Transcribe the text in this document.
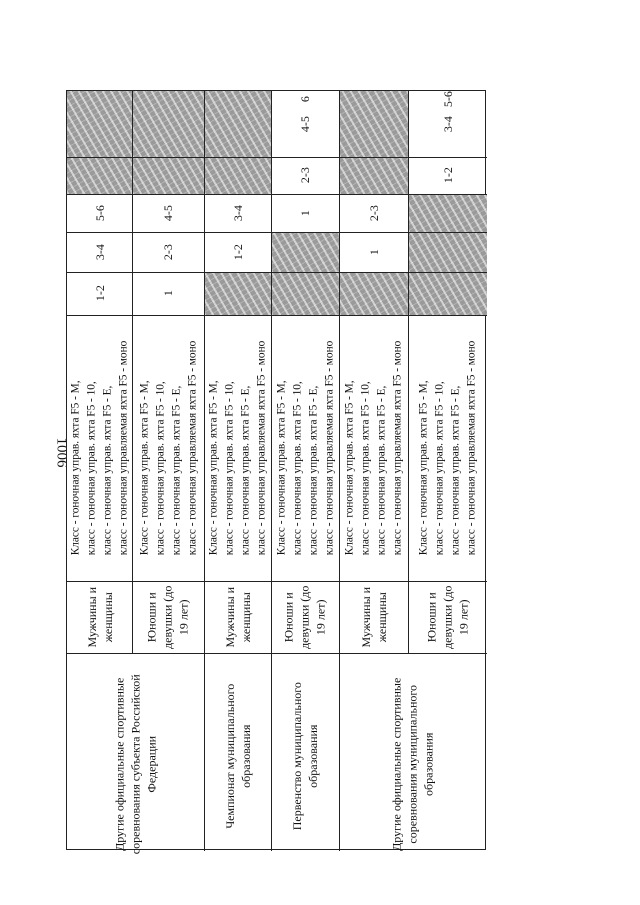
1006
Другие официальные спортивные соревнования субъекта Российской Федерации
Мужчины и женщины
Класс - гоночная управ. яхта F5 - M, класс - гоночная управ. яхта F5 - 10, класс - гоночная управ. яхта F5 - E, класс - гоночная управляемая яхта F5 - моно
1-2
3-4
5-6
Юноши и девушки (до 19 лет)
Класс - гоночная управ. яхта F5 - M, класс - гоночная управ. яхта F5 - 10, класс - гоночная управ. яхта F5 - E, класс - гоночная управляемая яхта F5 - моно
1
2-3
4-5
Чемпионат муниципального образования
Мужчины и женщины
Класс - гоночная управ. яхта F5 - M, класс - гоночная управ. яхта F5 - 10, класс - гоночная управ. яхта F5 - E, класс - гоночная управляемая яхта F5 - моно
1-2
3-4
Первенство муниципального образования
Юноши и девушки (до 19 лет)
Класс - гоночная управ. яхта F5 - M, класс - гоночная управ. яхта F5 - 10, класс - гоночная управ. яхта F5 - E, класс - гоночная управляемая яхта F5 - моно
1
2-3
4-5
6
Другие официальные спортивные соревнования муниципального образования
Мужчины и женщины
Класс - гоночная управ. яхта F5 - M, класс - гоночная управ. яхта F5 - 10, класс - гоночная управ. яхта F5 - E, класс - гоночная управляемая яхта F5 - моно
1
2-3
Юноши и девушки (до 19 лет)
Класс - гоночная управ. яхта F5 - M, класс - гоночная управ. яхта F5 - 10, класс - гоночная управ. яхта F5 - E, класс - гоночная управляемая яхта F5 - моно
1-2
3-4
5-6
